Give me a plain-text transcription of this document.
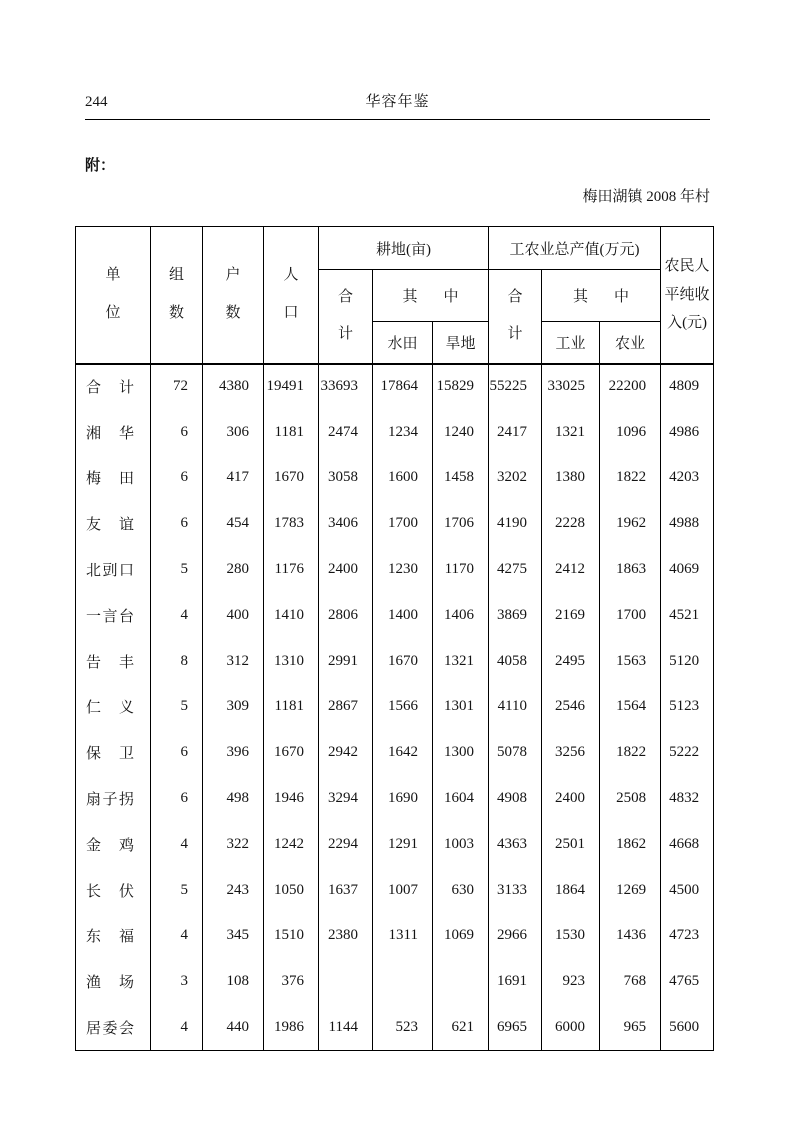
244	华容年鉴
附：
梅田湖镇 2008 年村
单位	组数	户数	人口	耕地(亩)			工农业总产值(万元)			农民人平纯收入(元)
				合计	其中		合计	其中		
					水田	旱地		工业	农业	
合计	72	4380	19491	33693	17864	15829	55225	33025	22200	4809
湘华	6	306	1181	2474	1234	1240	2417	1321	1096	4986
梅田	6	417	1670	3058	1600	1458	3202	1380	1822	4203
友谊	6	454	1783	3406	1700	1706	4190	2228	1962	4988
北剅口	5	280	1176	2400	1230	1170	4275	2412	1863	4069
一言台	4	400	1410	2806	1400	1406	3869	2169	1700	4521
告丰	8	312	1310	2991	1670	1321	4058	2495	1563	5120
仁义	5	309	1181	2867	1566	1301	4110	2546	1564	5123
保卫	6	396	1670	2942	1642	1300	5078	3256	1822	5222
扇子拐	6	498	1946	3294	1690	1604	4908	2400	2508	4832
金鸡	4	322	1242	2294	1291	1003	4363	2501	1862	4668
长伏	5	243	1050	1637	1007	630	3133	1864	1269	4500
东福	4	345	1510	2380	1311	1069	2966	1530	1436	4723
渔场	3	108	376				1691	923	768	4765
居委会	4	440	1986	1144	523	621	6965	6000	965	5600
